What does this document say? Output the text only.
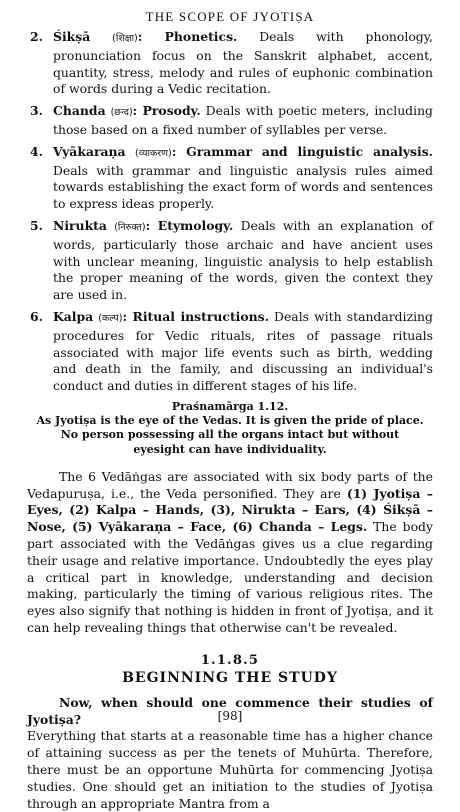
THE SCOPE OF JYOTIṢA
2. Śikṣā (शिक्षा): Phonetics. Deals with phonology, pronunciation focus on the Sanskrit alphabet, accent, quantity, stress, melody and rules of euphonic combination of words during a Vedic recitation.
3. Chanda (छन्द): Prosody. Deals with poetic meters, including those based on a fixed number of syllables per verse.
4. Vyākaraṇa (व्याकरण): Grammar and linguistic analysis. Deals with grammar and linguistic analysis rules aimed towards establishing the exact form of words and sentences to express ideas properly.
5. Nirukta (निरुक्त): Etymology. Deals with an explanation of words, particularly those archaic and have ancient uses with unclear meaning, linguistic analysis to help establish the proper meaning of the words, given the context they are used in.
6. Kalpa (कल्प): Ritual instructions. Deals with standardizing procedures for Vedic rituals, rites of passage rituals associated with major life events such as birth, wedding and death in the family, and discussing an individual's conduct and duties in different stages of his life.
Praśnamārga 1.12.
As Jyotiṣa is the eye of the Vedas. It is given the pride of place. No person possessing all the organs intact but without eyesight can have individuality.

The 6 Vedāṅgas are associated with six body parts of the Vedapuruṣa, i.e., the Veda personified. They are (1) Jyotiṣa – Eyes, (2) Kalpa – Hands, (3), Nirukta – Ears, (4) Śikṣā – Nose, (5) Vyākaraṇa – Face, (6) Chanda – Legs. The body part associated with the Vedāṅgas gives us a clue regarding their usage and relative importance. Undoubtedly the eyes play a critical part in knowledge, understanding and decision making, particularly the timing of various religious rites. The eyes also signify that nothing is hidden in front of Jyotiṣa, and it can help revealing things that otherwise can't be revealed.

1.1.8.5
BEGINNING THE STUDY

Now, when should one commence their studies of Jyotiṣa?

Everything that starts at a reasonable time has a higher chance of attaining success as per the tenets of Muhūrta. Therefore, there must be an opportune Muhūrta for commencing Jyotiṣa studies. One should get an initiation to the studies of Jyotiṣa through an appropriate Mantra from a

[98]
